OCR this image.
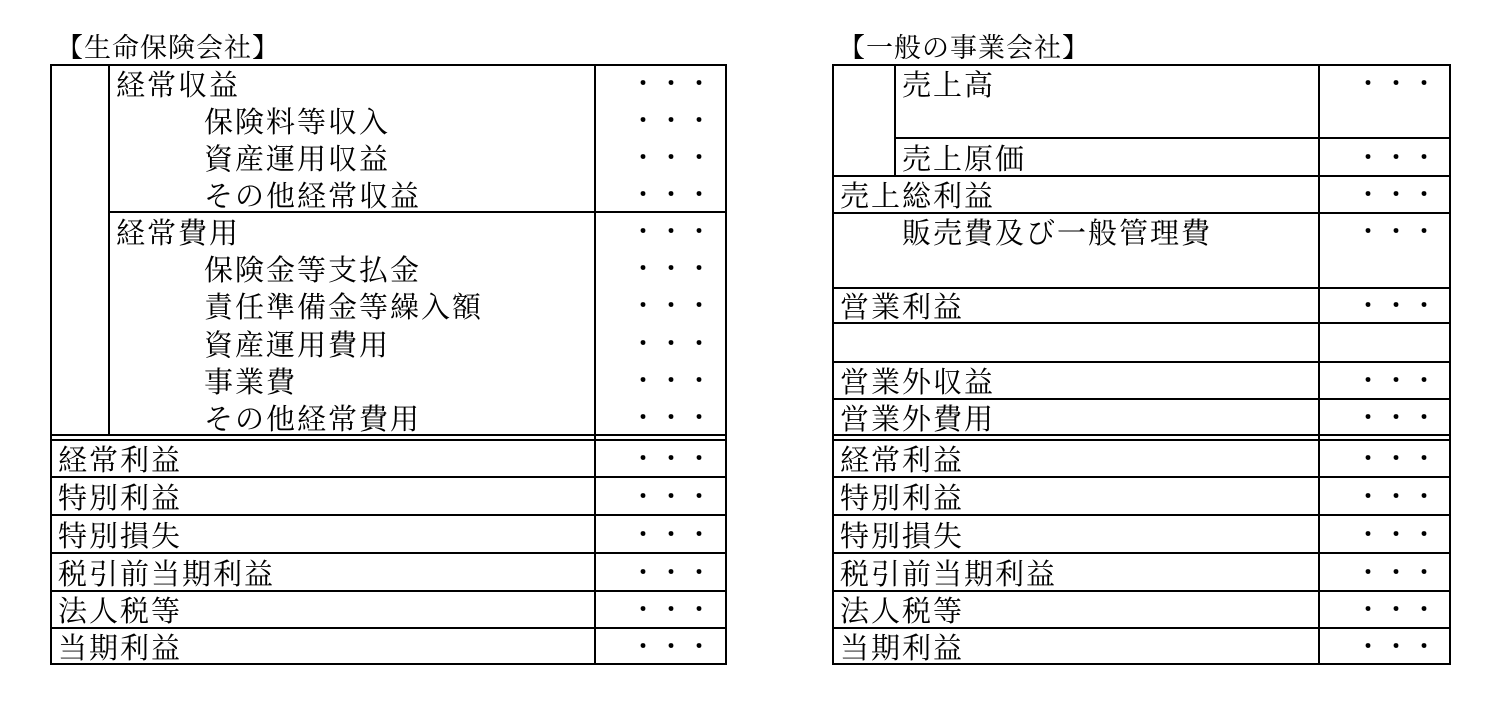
【生命保険会社】
経常収益	・・・
保険料等収入	・・・
資産運用収益	・・・
その他経常収益	・・・
経常費用	・・・
保険金等支払金	・・・
責任準備金等繰入額	・・・
資産運用費用	・・・
事業費	・・・
その他経常費用	・・・
経常利益	・・・
特別利益	・・・
特別損失	・・・
税引前当期利益	・・・
法人税等	・・・
当期利益	・・・
【一般の事業会社】
売上高	・・・
売上原価	・・・
売上総利益	・・・
販売費及び一般管理費	・・・
営業利益	・・・
営業外収益	・・・
営業外費用	・・・
経常利益	・・・
特別利益	・・・
特別損失	・・・
税引前当期利益	・・・
法人税等	・・・
当期利益	・・・
